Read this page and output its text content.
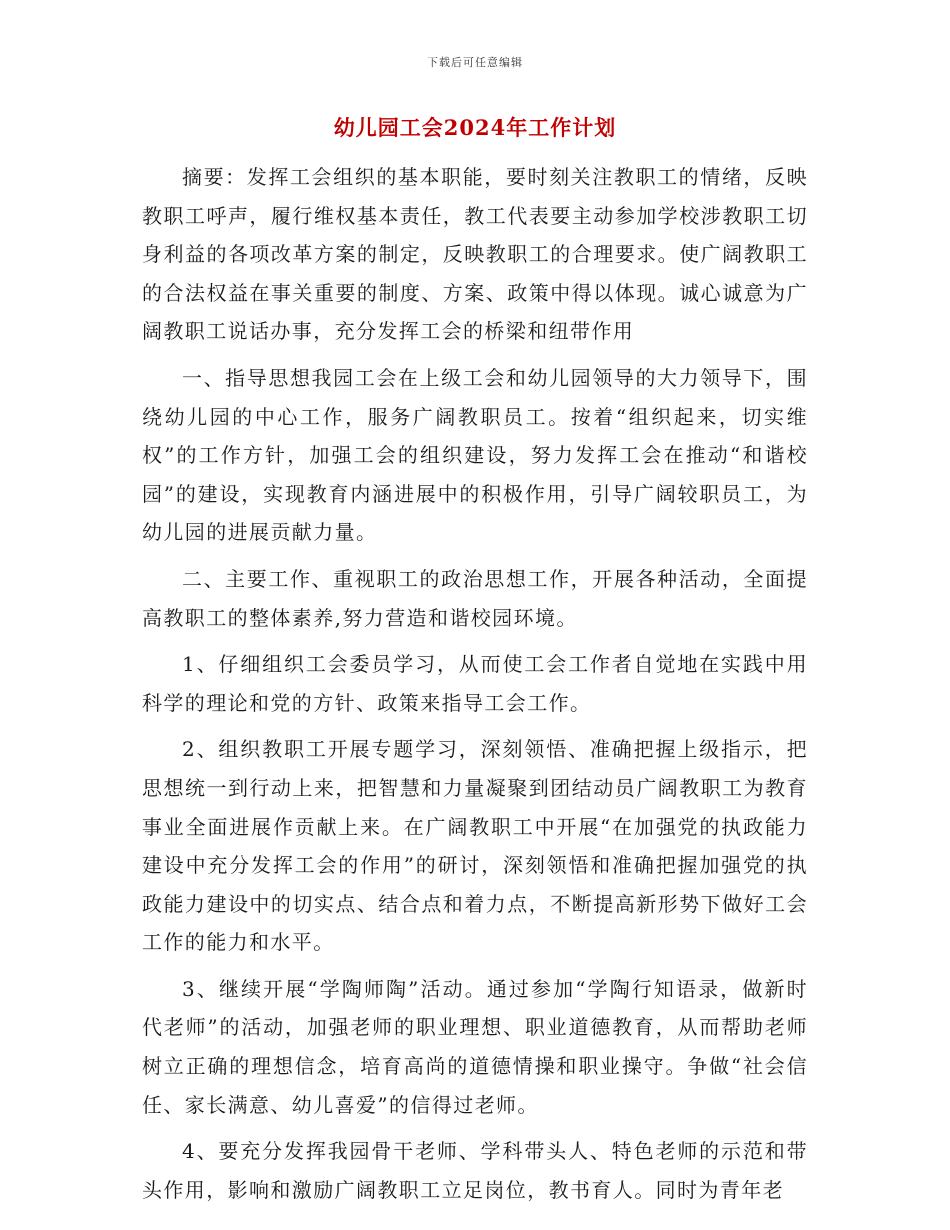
下载后可任意编辑
幼儿园工会2024年工作计划

摘要：发挥工会组织的基本职能，要时刻关注教职工的情绪，反映教职工呼声，履行维权基本责任，教工代表要主动参加学校涉教职工切身利益的各项改革方案的制定，反映教职工的合理要求。使广阔教职工的合法权益在事关重要的制度、方案、政策中得以体现。诚心诚意为广阔教职工说话办事，充分发挥工会的桥梁和纽带作用

一、指导思想我园工会在上级工会和幼儿园领导的大力领导下，围绕幼儿园的中心工作，服务广阔教职员工。按着“组织起来，切实维权”的工作方针，加强工会的组织建设，努力发挥工会在推动“和谐校园”的建设，实现教育内涵进展中的积极作用，引导广阔较职员工，为幼儿园的进展贡献力量。

二、主要工作、重视职工的政治思想工作，开展各种活动，全面提高教职工的整体素养,努力营造和谐校园环境。

1、仔细组织工会委员学习，从而使工会工作者自觉地在实践中用科学的理论和党的方针、政策来指导工会工作。

2、组织教职工开展专题学习，深刻领悟、准确把握上级指示，把思想统一到行动上来，把智慧和力量凝聚到团结动员广阔教职工为教育事业全面进展作贡献上来。在广阔教职工中开展“在加强党的执政能力建设中充分发挥工会的作用”的研讨，深刻领悟和准确把握加强党的执政能力建设中的切实点、结合点和着力点，不断提高新形势下做好工会工作的能力和水平。

3、继续开展“学陶师陶”活动。通过参加“学陶行知语录，做新时代老师”的活动，加强老师的职业理想、职业道德教育，从而帮助老师树立正确的理想信念，培育高尚的道德情操和职业操守。争做“社会信任、家长满意、幼儿喜爱”的信得过老师。

4、要充分发挥我园骨干老师、学科带头人、特色老师的示范和带头作用，影响和激励广阔教职工立足岗位，教书育人。同时为青年老
